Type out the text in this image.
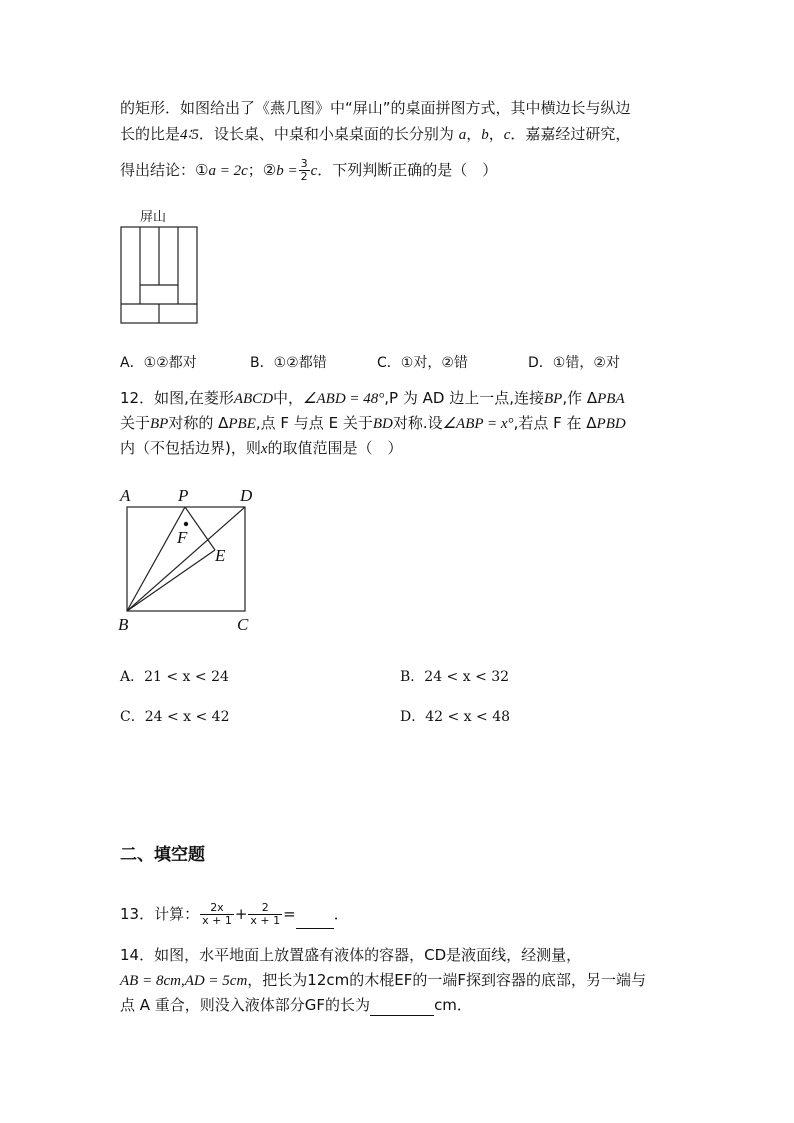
的矩形．如图给出了《燕几图》中“屏山”的桌面拼图方式，其中横边长与纵边
长的比是4∶5．设长桌、中桌和小桌桌面的长分别为 a，b，c．嘉嘉经过研究，
得出结论：①a = 2c；②b = $\frac{3}{2}$ c．下列判断正确的是（　）
屏山
A．①②都对	B．①②都错	C．①对，②错	D．①错，②对
12．如图,在菱形ABCD中，∠ABD = 48°,P 为 AD 边上一点,连接BP,作 ΔPBA
关于BP对称的 ΔPBE,点 F 与点 E 关于BD对称.设∠ABP = x°,若点 F 在 ΔPBD
内（不包括边界)，则x的取值范围是（　）
A	P	D
F
E
B	C
A．21 < x < 24	B．24 < x < 32
C．24 < x < 42	D．42 < x < 48
二、填空题
13．计算： $\frac{2x}{x + 1} + \frac{2}{x + 1}$ =	．
14．如图，水平地面上放置盛有液体的容器，CD是液面线，经测量，
AB = 8cm,AD = 5cm，把长为12cm的木棍EF的一端F探到容器的底部，另一端与
点 A 重合，则没入液体部分GF的长为	cm．
